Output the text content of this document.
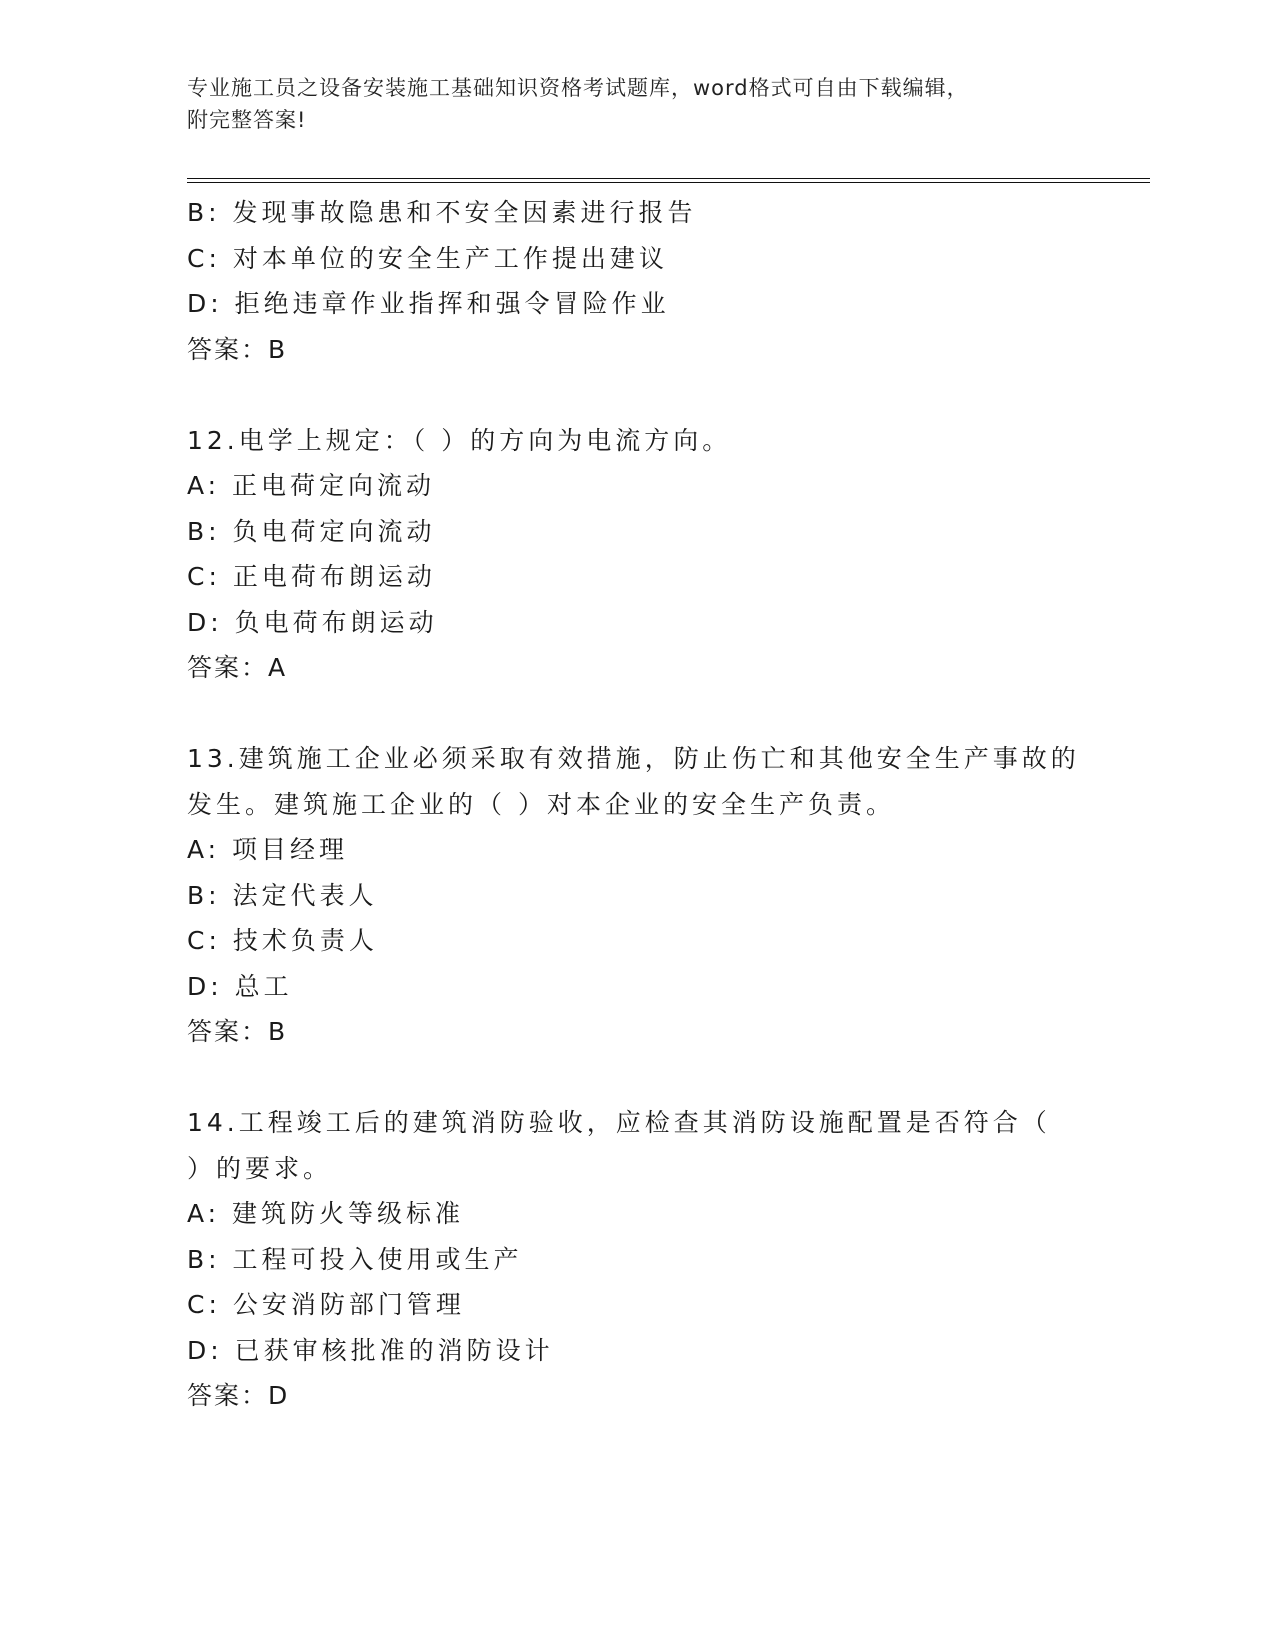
专业施工员之设备安装施工基础知识资格考试题库，word格式可自由下载编辑，
附完整答案!
B: 发现事故隐患和不安全因素进行报告
C: 对本单位的安全生产工作提出建议
D: 拒绝违章作业指挥和强令冒险作业
答案：B
12.电学上规定：（ ）的方向为电流方向。
A: 正电荷定向流动
B: 负电荷定向流动
C: 正电荷布朗运动
D: 负电荷布朗运动
答案：A
13.建筑施工企业必须采取有效措施，防止伤亡和其他安全生产事故的
发生。建筑施工企业的（ ）对本企业的安全生产负责。
A: 项目经理
B: 法定代表人
C: 技术负责人
D: 总工
答案：B
14.工程竣工后的建筑消防验收，应检查其消防设施配置是否符合（
）的要求。
A: 建筑防火等级标准
B: 工程可投入使用或生产
C: 公安消防部门管理
D: 已获审核批准的消防设计
答案：D
